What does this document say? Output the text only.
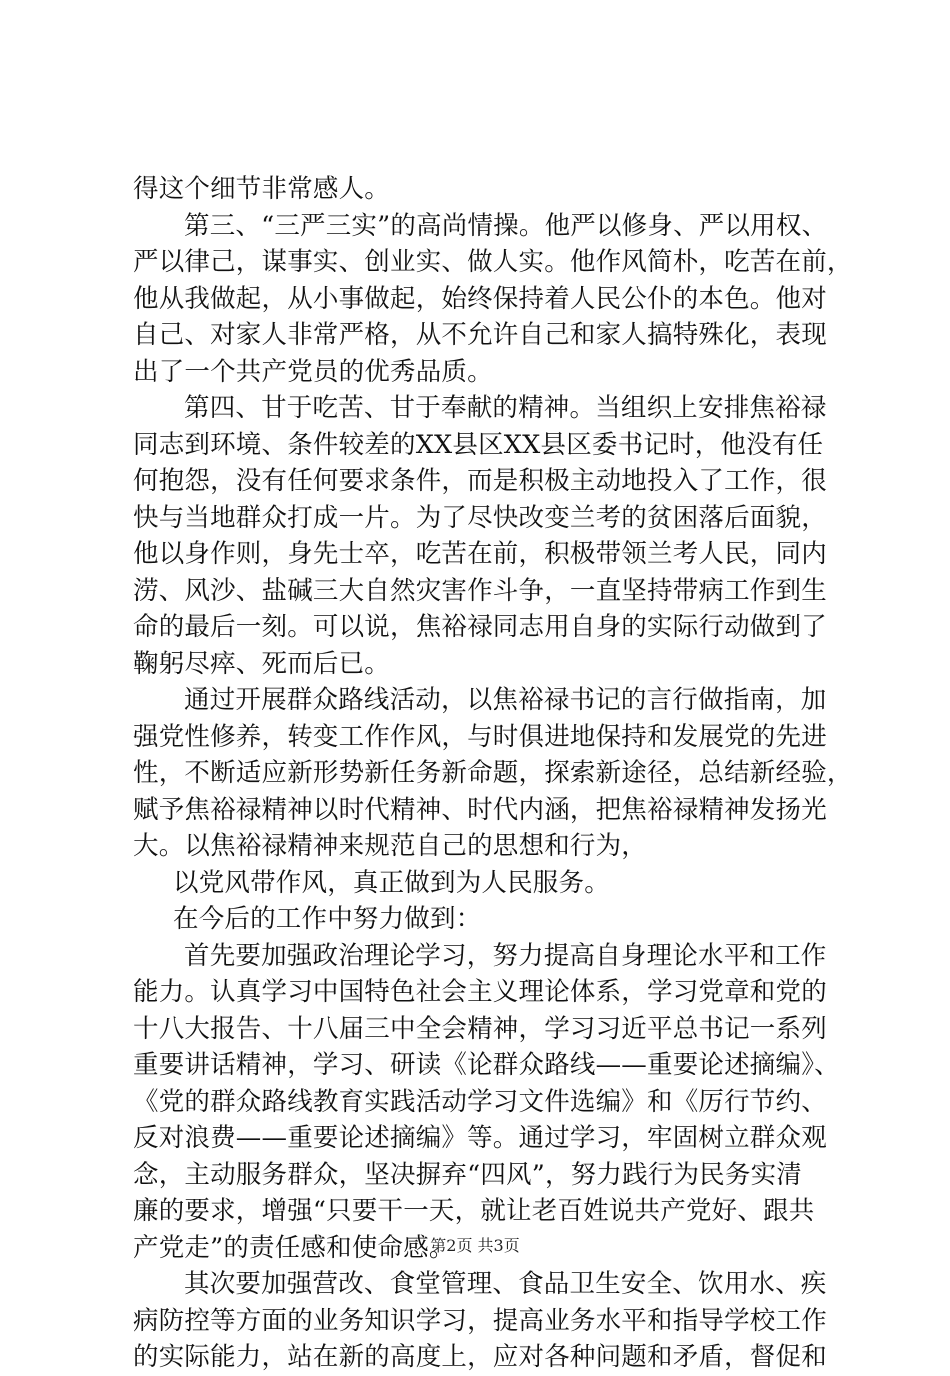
得这个细节非常感人。
第三、“三严三实”的高尚情操。他严以修身、严以用权、
严以律己，谋事实、创业实、做人实。他作风简朴，吃苦在前，
他从我做起，从小事做起，始终保持着人民公仆的本色。他对
自己、对家人非常严格，从不允许自己和家人搞特殊化，表现
出了一个共产党员的优秀品质。
第四、甘于吃苦、甘于奉献的精神。当组织上安排焦裕禄
同志到环境、条件较差的XX县区XX县区委书记时，他没有任
何抱怨，没有任何要求条件，而是积极主动地投入了工作，很
快与当地群众打成一片。为了尽快改变兰考的贫困落后面貌，
他以身作则，身先士卒，吃苦在前，积极带领兰考人民，同内
涝、风沙、盐碱三大自然灾害作斗争，一直坚持带病工作到生
命的最后一刻。可以说，焦裕禄同志用自身的实际行动做到了
鞠躬尽瘁、死而后已。
通过开展群众路线活动，以焦裕禄书记的言行做指南，加
强党性修养，转变工作作风，与时俱进地保持和发展党的先进
性，不断适应新形势新任务新命题，探索新途径，总结新经验，
赋予焦裕禄精神以时代精神、时代内涵，把焦裕禄精神发扬光
大。以焦裕禄精神来规范自己的思想和行为，
以党风带作风，真正做到为人民服务。
在今后的工作中努力做到：
首先要加强政治理论学习，努力提高自身理论水平和工作
能力。认真学习中国特色社会主义理论体系，学习党章和党的
十八大报告、十八届三中全会精神，学习习近平总书记一系列
重要讲话精神，学习、研读《论群众路线——重要论述摘编》、
《党的群众路线教育实践活动学习文件选编》和《厉行节约、
反对浪费——重要论述摘编》等。通过学习，牢固树立群众观
念，主动服务群众，坚决摒弃“四风”，努力践行为民务实清
廉的要求，增强“只要干一天，就让老百姓说共产党好、跟共
产党走”的责任感和使命感。
其次要加强营改、食堂管理、食品卫生安全、饮用水、疾
病防控等方面的业务知识学习，提高业务水平和指导学校工作
的实际能力，站在新的高度上，应对各种问题和矛盾，督促和
第2页 共3页
